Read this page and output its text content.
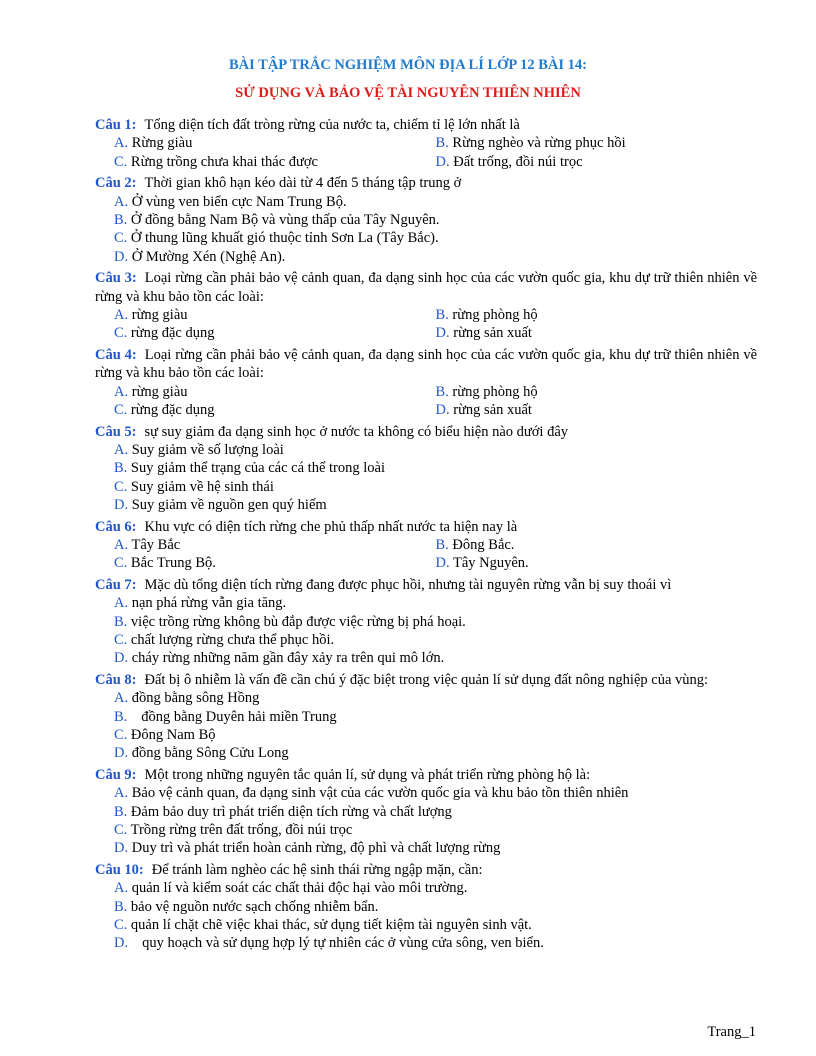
BÀI TẬP TRẮC NGHIỆM MÔN ĐỊA LÍ LỚP 12 BÀI 14:
SỬ DỤNG VÀ BẢO VỆ TÀI NGUYÊN THIÊN NHIÊN
Câu 1: Tổng diện tích đất tròng rừng của nước ta, chiếm tỉ lệ lớn nhất là
A. Rừng giàu	B. Rừng nghèo và rừng phục hồi
C. Rừng trồng chưa khai thác được	D. Đất trống, đồi núi trọc
Câu 2: Thời gian khô hạn kéo dài từ 4 đến 5 tháng tập trung ở
A. Ở vùng ven biển cực Nam Trung Bộ.
B. Ở đồng bằng Nam Bộ và vùng thấp của Tây Nguyên.
C. Ở thung lũng khuất gió thuộc tỉnh Sơn La (Tây Bắc).
D. Ở Mường Xén (Nghệ An).
Câu 3: Loại rừng cần phải bảo vệ cảnh quan, đa dạng sinh học của các vườn quốc gia, khu dự trữ thiên nhiên về rừng và khu bảo tồn các loài:
A. rừng giàu	B. rừng phòng hộ
C. rừng đặc dụng	D. rừng sản xuất
Câu 4: Loại rừng cần phải bảo vệ cảnh quan, đa dạng sinh học của các vườn quốc gia, khu dự trữ thiên nhiên về rừng và khu bảo tồn các loài:
A. rừng giàu	B. rừng phòng hộ
C. rừng đặc dụng	D. rừng sản xuất
Câu 5: sự suy giảm đa dạng sinh học ở nước ta không có biểu hiện nào dưới đây
A. Suy giảm về số lượng loài
B. Suy giảm thể trạng của các cá thể trong loài
C. Suy giảm về hệ sinh thái
D. Suy giảm về nguồn gen quý hiếm
Câu 6: Khu vực có diện tích rừng che phủ thấp nhất nước ta hiện nay là
A. Tây Bắc	B. Đông Bắc.
C. Bắc Trung Bộ.	D. Tây Nguyên.
Câu 7: Mặc dù tổng diện tích rừng đang được phục hồi, nhưng tài nguyên rừng vẫn bị suy thoái vì
A. nạn phá rừng vẫn gia tăng.
B. việc trồng rừng không bù đắp được việc rừng bị phá hoại.
C. chất lượng rừng chưa thể phục hồi.
D. cháy rừng những năm gần đây xảy ra trên qui mô lớn.
Câu 8: Đất bị ô nhiễm là vấn đề cần chú ý đặc biệt trong việc quản lí sử dụng đất nông nghiệp của vùng:
A. đồng bằng sông Hồng
B. đồng bằng Duyên hải miền Trung
C. Đông Nam Bộ
D. đồng bằng Sông Cửu Long
Câu 9: Một trong những nguyên tắc quản lí, sử dụng và phát triển rừng phòng hộ là:
A. Bảo vệ cảnh quan, đa dạng sinh vật của các vườn quốc gia và khu bảo tồn thiên nhiên
B. Đảm bảo duy trì phát triển diện tích rừng và chất lượng
C. Trồng rừng trên đất trống, đồi núi trọc
D. Duy trì và phát triển hoàn cảnh rừng, độ phì và chất lượng rừng
Câu 10: Để tránh làm nghèo các hệ sinh thái rừng ngập mặn, cần:
A. quản lí và kiểm soát các chất thải độc hại vào môi trường.
B. bảo vệ nguồn nước sạch chống nhiễm bẩn.
C. quản lí chặt chẽ việc khai thác, sử dụng tiết kiệm tài nguyên sinh vật.
D. quy hoạch và sử dụng hợp lý tự nhiên các ở vùng cửa sông, ven biển.
Trang_1
